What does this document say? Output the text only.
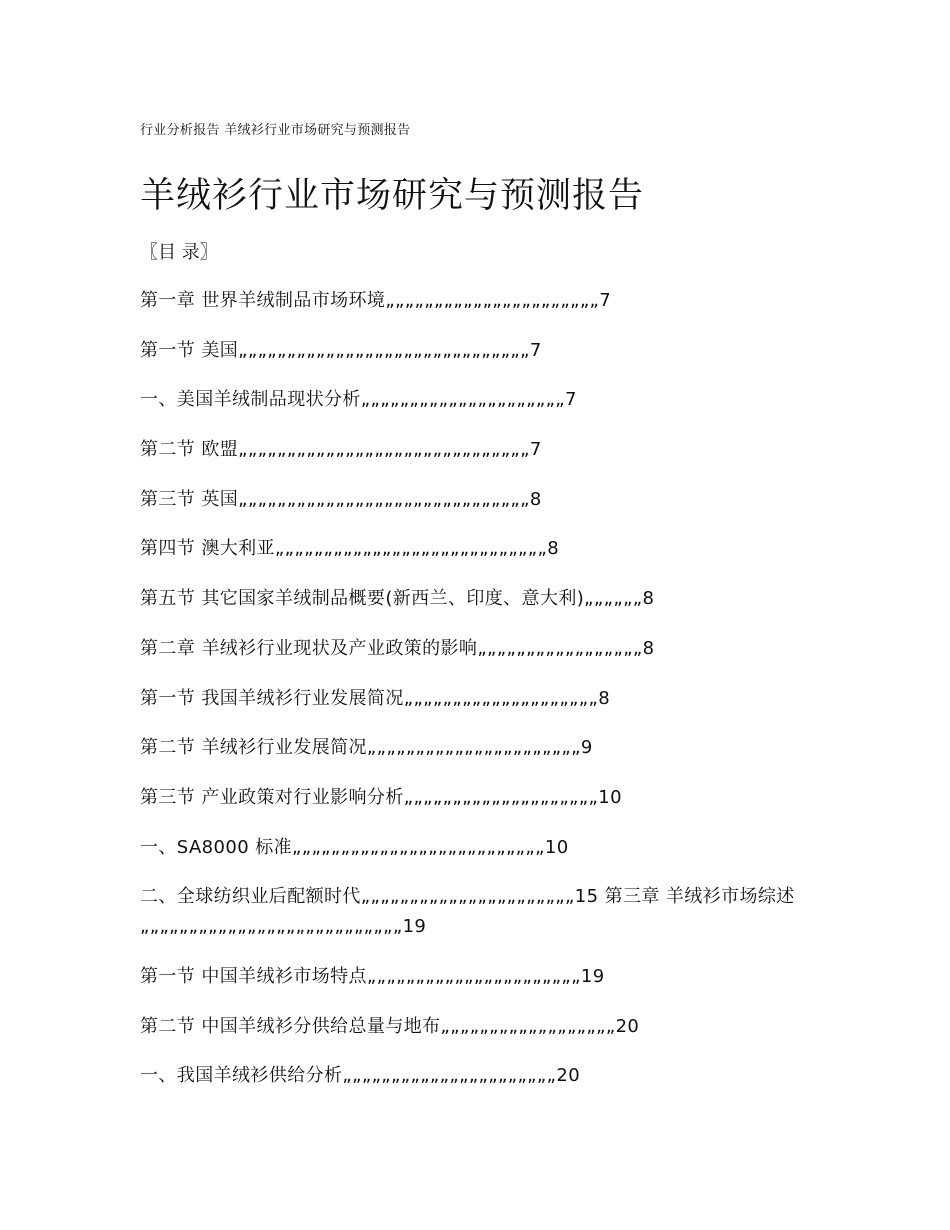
行业分析报告 羊绒衫行业市场研究与预测报告
羊绒衫行业市场研究与预测报告
〖目 录〗
第一章 世界羊绒制品市场环境„„„„„„„„„„„„„„„„„„„„„„7
第一节 美国„„„„„„„„„„„„„„„„„„„„„„„„„„„„„„7
一、美国羊绒制品现状分析„„„„„„„„„„„„„„„„„„„„„7
第二节 欧盟„„„„„„„„„„„„„„„„„„„„„„„„„„„„„„7
第三节 英国„„„„„„„„„„„„„„„„„„„„„„„„„„„„„„8
第四节 澳大利亚„„„„„„„„„„„„„„„„„„„„„„„„„„„„8
第五节 其它国家羊绒制品概要(新西兰、印度、意大利)„„„„„„8
第二章 羊绒衫行业现状及产业政策的影响„„„„„„„„„„„„„„„„„8
第一节 我国羊绒衫行业发展简况„„„„„„„„„„„„„„„„„„„„8
第二节 羊绒衫行业发展简况„„„„„„„„„„„„„„„„„„„„„„9
第三节 产业政策对行业影响分析„„„„„„„„„„„„„„„„„„„„10
一、SA8000 标准„„„„„„„„„„„„„„„„„„„„„„„„„„10
二、全球纺织业后配额时代„„„„„„„„„„„„„„„„„„„„„„15 第三章 羊绒衫市场综述„„„„„„„„„„„„„„„„„„„„„„„„„„„19
第一节 中国羊绒衫市场特点„„„„„„„„„„„„„„„„„„„„„„19
第二节 中国羊绒衫分供给总量与地布„„„„„„„„„„„„„„„„„„20
一、我国羊绒衫供给分析„„„„„„„„„„„„„„„„„„„„„„20
